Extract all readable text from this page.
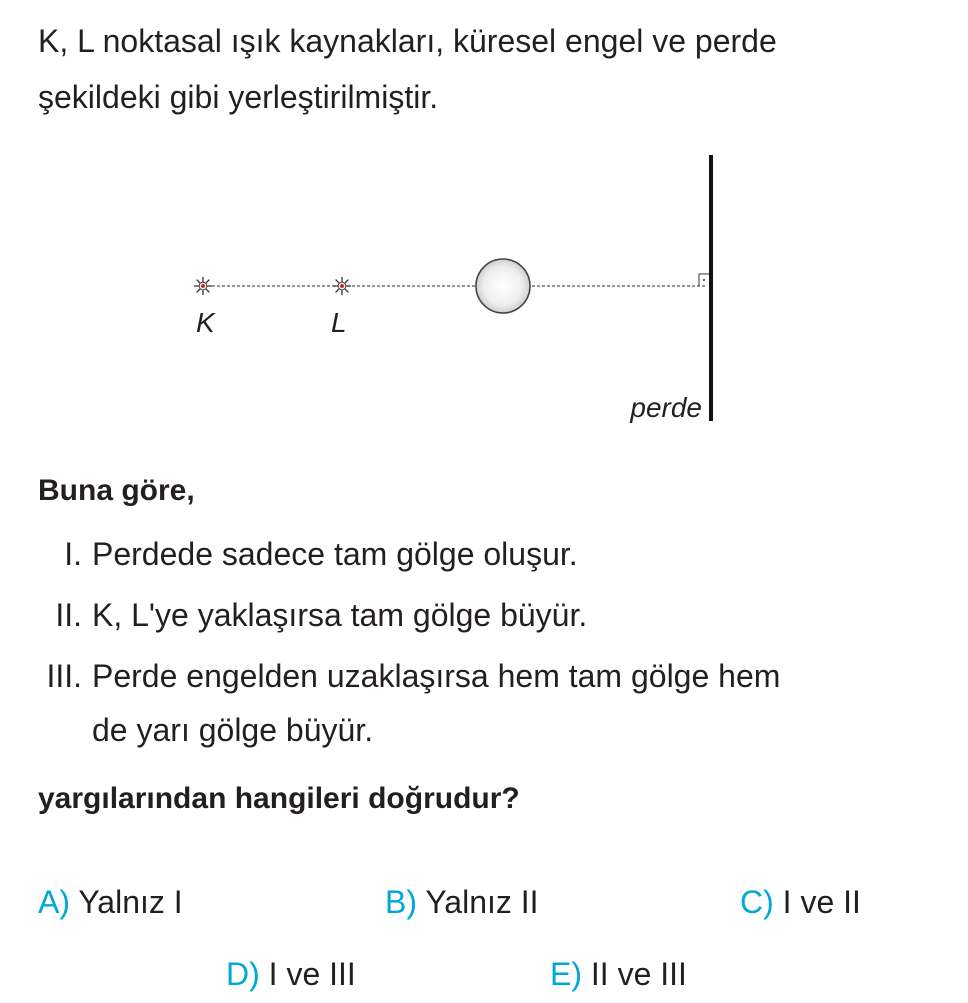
K, L noktasal ışık kaynakları, küresel engel ve perde
şekildeki gibi yerleştirilmiştir.
K	L
perde
Buna göre,
I. Perdede sadece tam gölge oluşur.
II. K, L'ye yaklaşırsa tam gölge büyür.
III. Perde engelden uzaklaşırsa hem tam gölge hem
de yarı gölge büyür.
yargılarından hangileri doğrudur?
A) Yalnız I	B) Yalnız II	C) I ve II
D) I ve III	E) II ve III
